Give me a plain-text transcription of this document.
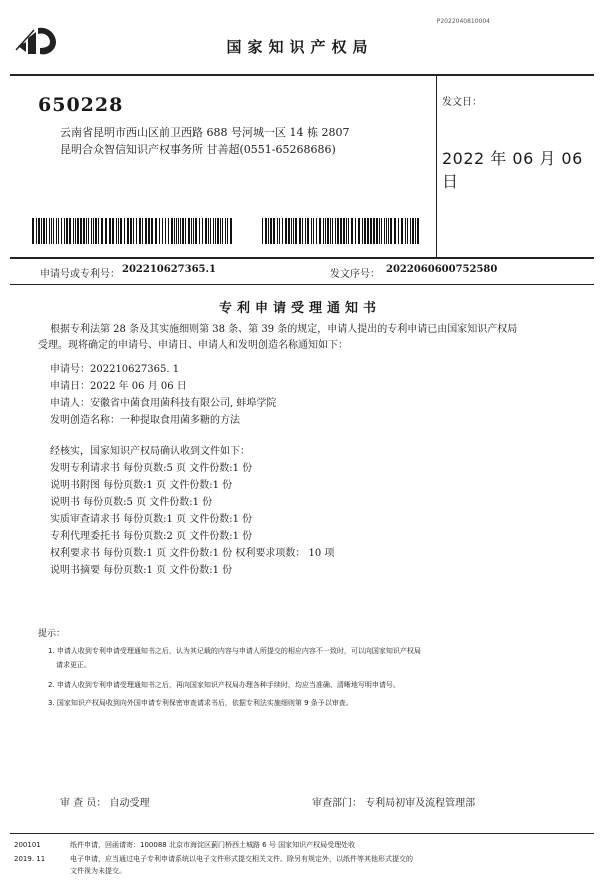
P2022040810004
国家知识产权局
650228
云南省昆明市西山区前卫西路 688 号河城一区 14 栋 2807
昆明合众智信知识产权事务所 甘善超(0551-65268686)
发文日：
2022 年 06 月 06 日
申请号或专利号： 202210627365.1	发文序号： 2022060600752580
专利申请受理通知书
根据专利法第 28 条及其实施细则第 38 条、第 39 条的规定，申请人提出的专利申请已由国家知识产权局
受理。现将确定的申请号、申请日、申请人和发明创造名称通知如下：
申请号：202210627365. 1
申请日：2022 年 06 月 06 日
申请人：安徽省中菌食用菌科技有限公司, 蚌埠学院
发明创造名称：一种提取食用菌多糖的方法
经核实，国家知识产权局确认收到文件如下：
发明专利请求书 每份页数:5 页 文件份数:1 份
说明书附图 每份页数:1 页 文件份数:1 份
说明书 每份页数:5 页 文件份数:1 份
实质审查请求书 每份页数:1 页 文件份数:1 份
专利代理委托书 每份页数:2 页 文件份数:1 份
权利要求书 每份页数:1 页 文件份数:1 份 权利要求项数： 10 项
说明书摘要 每份页数:1 页 文件份数:1 份
提示：
1. 申请人收到专利申请受理通知书之后，认为其记载的内容与申请人所提交的相应内容不一致时，可以向国家知识产权局
请求更正。
2. 申请人收到专利申请受理通知书之后，再向国家知识产权局办理各种手续时，均应当准确、清晰地写明申请号。
3. 国家知识产权局收到向外国申请专利保密审查请求书后，依据专利法实施细则第 9 条予以审查。
审 查 员： 自动受理	审查部门： 专利局初审及流程管理部
200101	纸件申请，回函请寄：100088 北京市海淀区蓟门桥西土城路 6 号 国家知识产权局受理处收
2019. 11	电子申请，应当通过电子专利申请系统以电子文件形式提交相关文件。除另有规定外，以纸件等其他形式提交的
文件视为未提交。
